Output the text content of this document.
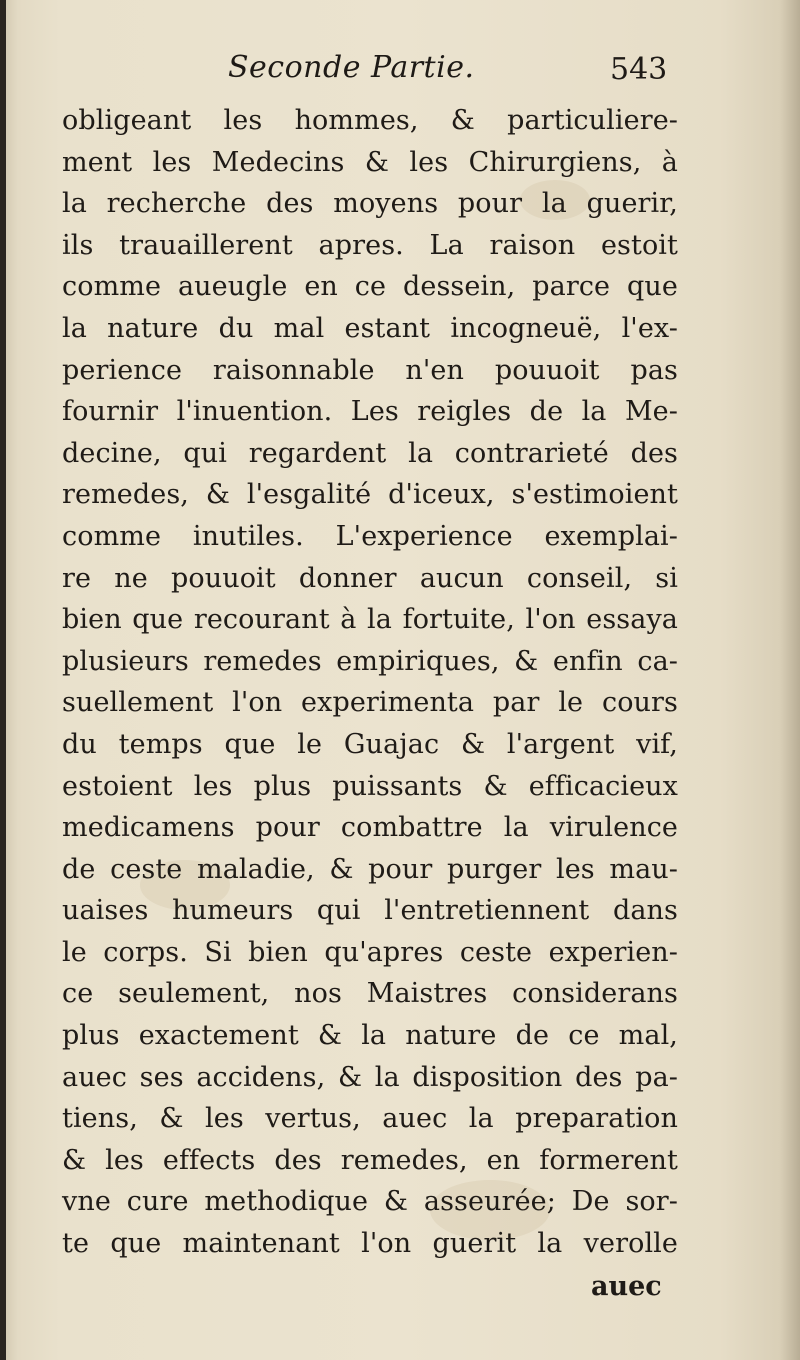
Seconde Partie.	543
obligeant les hommes, & particuliere-
ment les Medecins & les Chirurgiens, à
la recherche des moyens pour la guerir,
ils trauaillerent apres. La raison estoit
comme aueugle en ce dessein, parce que
la nature du mal estant incogneuë, l'ex-
perience raisonnable n'en pouuoit pas
fournir l'inuention. Les reigles de la Me-
decine, qui regardent la contrarieté des
remedes, & l'esgalité d'iceux, s'estimoient
comme inutiles. L'experience exemplai-
re ne pouuoit donner aucun conseil, si
bien que recourant à la fortuite, l'on essaya
plusieurs remedes empiriques, & enfin ca-
suellement l'on experimenta par le cours
du temps que le Guajac & l'argent vif,
estoient les plus puissants & efficacieux
medicamens pour combattre la virulence
de ceste maladie, & pour purger les mau-
uaises humeurs qui l'entretiennent dans
le corps. Si bien qu'apres ceste experien-
ce seulement, nos Maistres considerans
plus exactement & la nature de ce mal,
auec ses accidens, & la disposition des pa-
tiens, & les vertus, auec la preparation
& les effects des remedes, en formerent
vne cure methodique & asseurée; De sor-
te que maintenant l'on guerit la verolle
auec
